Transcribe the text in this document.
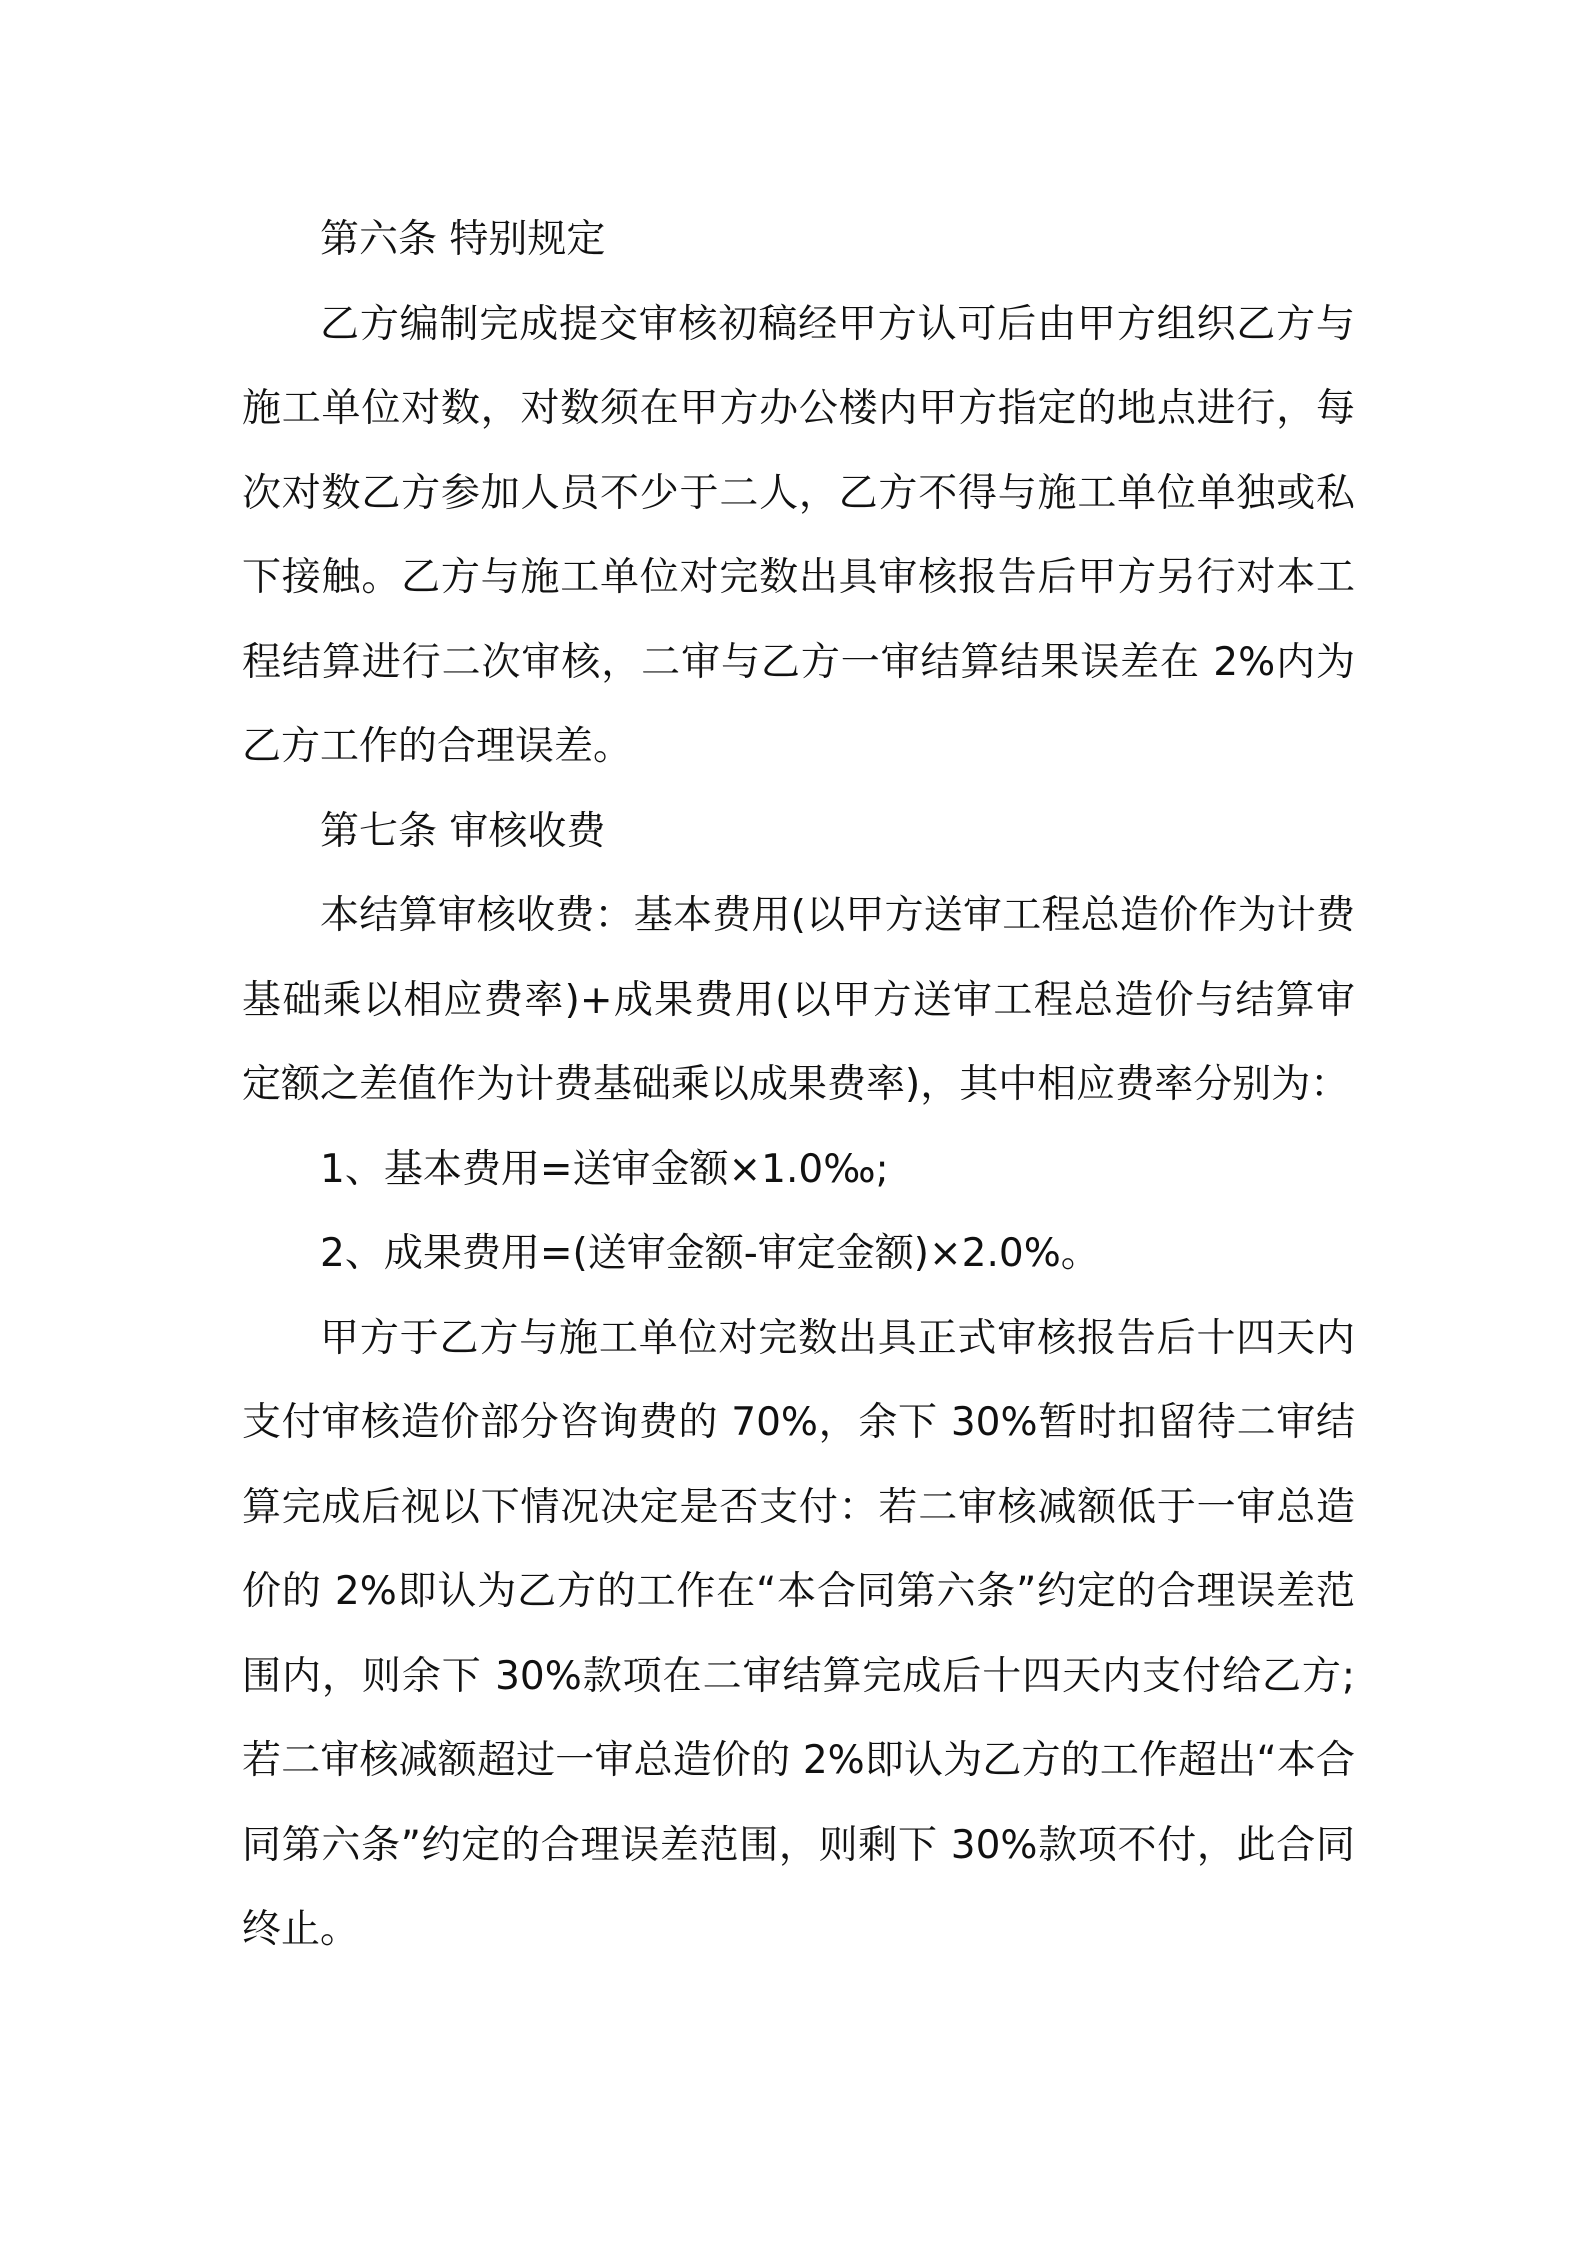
第六条 特别规定

乙方编制完成提交审核初稿经甲方认可后由甲方组织乙方与施工单位对数，对数须在甲方办公楼内甲方指定的地点进行，每次对数乙方参加人员不少于二人，乙方不得与施工单位单独或私下接触。乙方与施工单位对完数出具审核报告后甲方另行对本工程结算进行二次审核，二审与乙方一审结算结果误差在 2%内为乙方工作的合理误差。

第七条 审核收费

本结算审核收费：基本费用(以甲方送审工程总造价作为计费基础乘以相应费率)+成果费用(以甲方送审工程总造价与结算审定额之差值作为计费基础乘以成果费率)，其中相应费率分别为：

1、基本费用=送审金额×1.0‰;

2、成果费用=(送审金额-审定金额)×2.0%。

甲方于乙方与施工单位对完数出具正式审核报告后十四天内支付审核造价部分咨询费的 70%，余下 30%暂时扣留待二审结算完成后视以下情况决定是否支付：若二审核减额低于一审总造价的 2%即认为乙方的工作在“本合同第六条”约定的合理误差范围内，则余下 30%款项在二审结算完成后十四天内支付给乙方;若二审核减额超过一审总造价的 2%即认为乙方的工作超出“本合同第六条”约定的合理误差范围，则剩下 30%款项不付，此合同终止。
